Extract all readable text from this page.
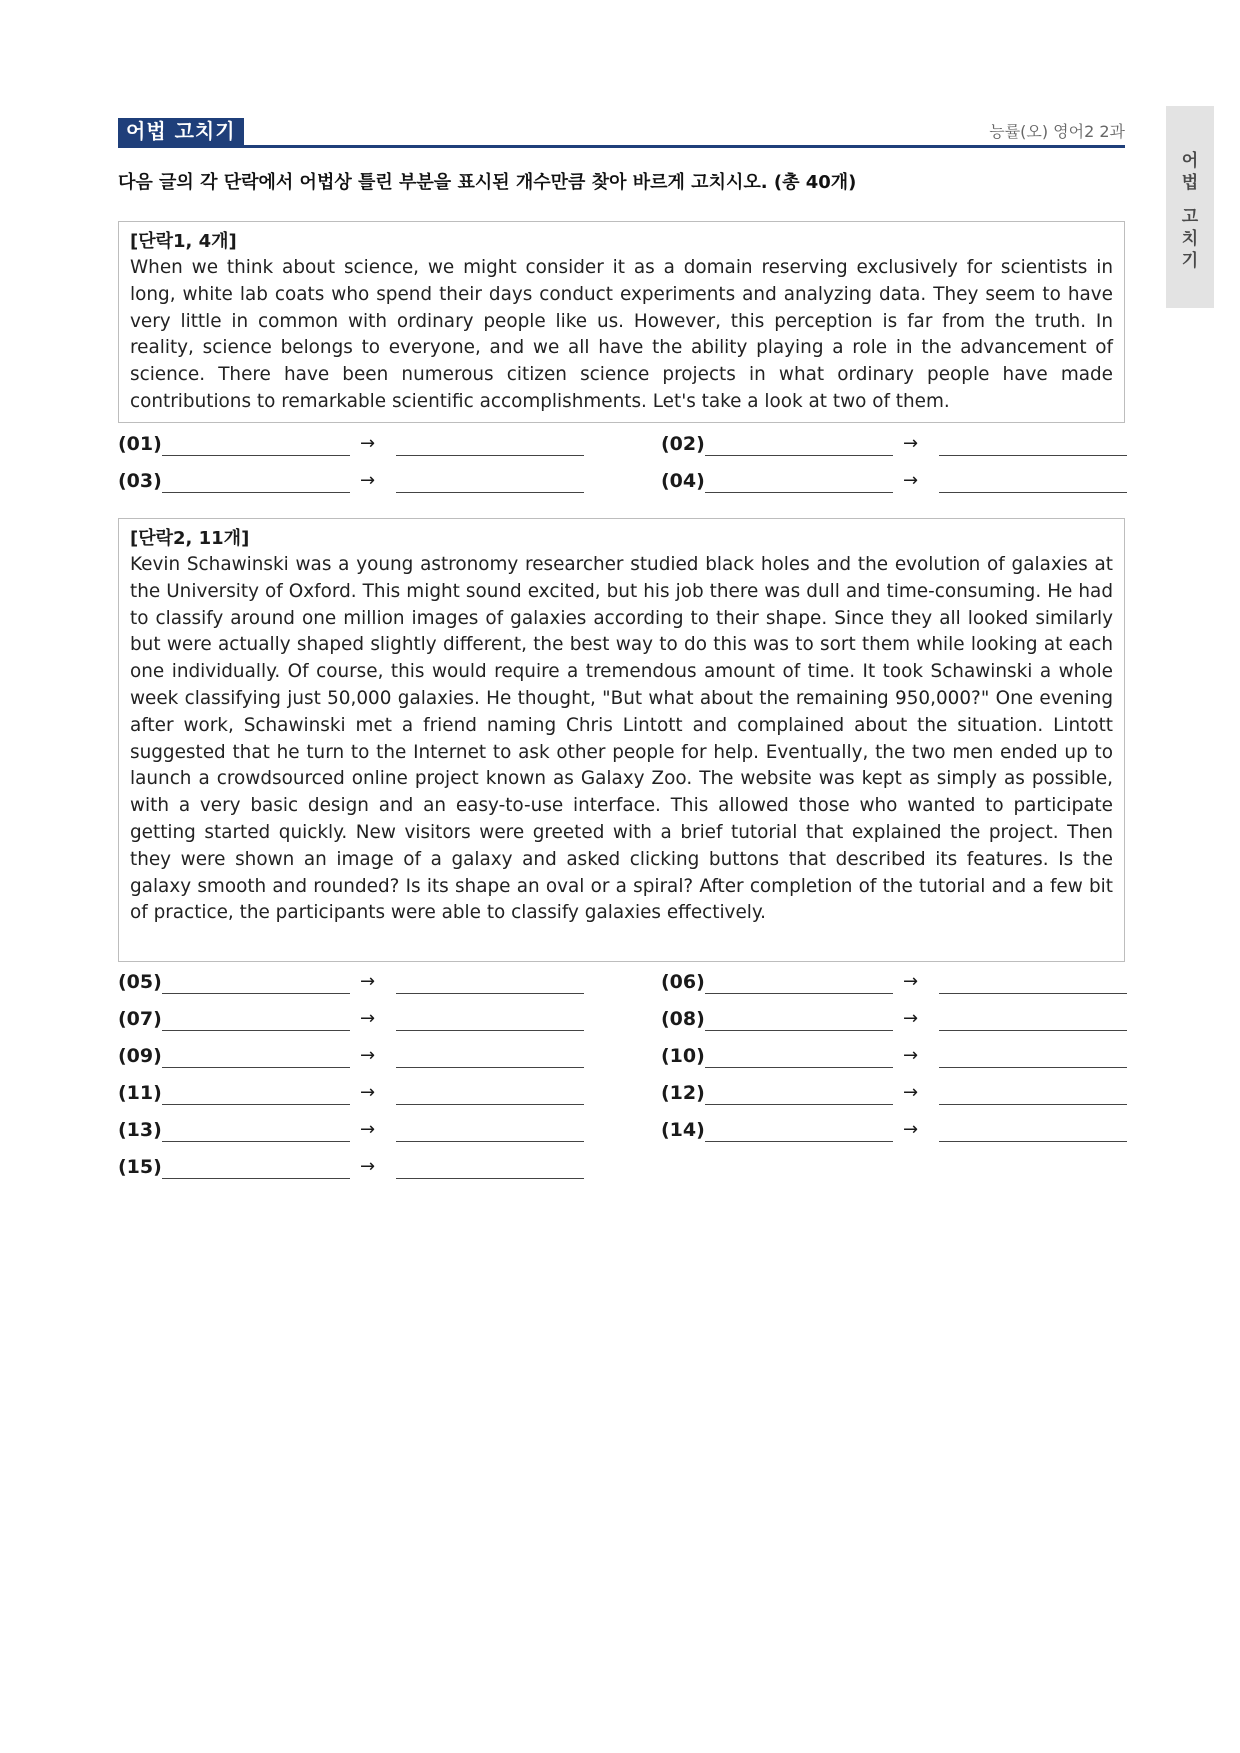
어법 고치기	능률(오) 영어2 2과
어
법
고
치
기
다음 글의 각 단락에서 어법상 틀린 부분을 표시된 개수만큼 찾아 바르게 고치시오. (총 40개)
[단락1, 4개]
When we think about science, we might consider it as a domain reserving exclusively for scientists in long, white lab coats who spend their days conduct experiments and analyzing data. They seem to have very little in common with ordinary people like us. However, this perception is far from the truth. In reality, science belongs to everyone, and we all have the ability playing a role in the advancement of science. There have been numerous citizen science projects in what ordinary people have made contributions to remarkable scientific accomplishments. Let's take a look at two of them.
(01)	→	(02)	→
(03)	→	(04)	→
[단락2, 11개]
Kevin Schawinski was a young astronomy researcher studied black holes and the evolution of galaxies at the University of Oxford. This might sound excited, but his job there was dull and time-consuming. He had to classify around one million images of galaxies according to their shape. Since they all looked similarly but were actually shaped slightly different, the best way to do this was to sort them while looking at each one individually. Of course, this would require a tremendous amount of time. It took Schawinski a whole week classifying just 50,000 galaxies. He thought, "But what about the remaining 950,000?" One evening after work, Schawinski met a friend naming Chris Lintott and complained about the situation. Lintott suggested that he turn to the Internet to ask other people for help. Eventually, the two men ended up to launch a crowdsourced online project known as Galaxy Zoo. The website was kept as simply as possible, with a very basic design and an easy-to-use interface. This allowed those who wanted to participate getting started quickly. New visitors were greeted with a brief tutorial that explained the project. Then they were shown an image of a galaxy and asked clicking buttons that described its features. Is the galaxy smooth and rounded? Is its shape an oval or a spiral? After completion of the tutorial and a few bit of practice, the participants were able to classify galaxies effectively.
(05)	→	(06)	→
(07)	→	(08)	→
(09)	→	(10)	→
(11)	→	(12)	→
(13)	→	(14)	→
(15)	→
